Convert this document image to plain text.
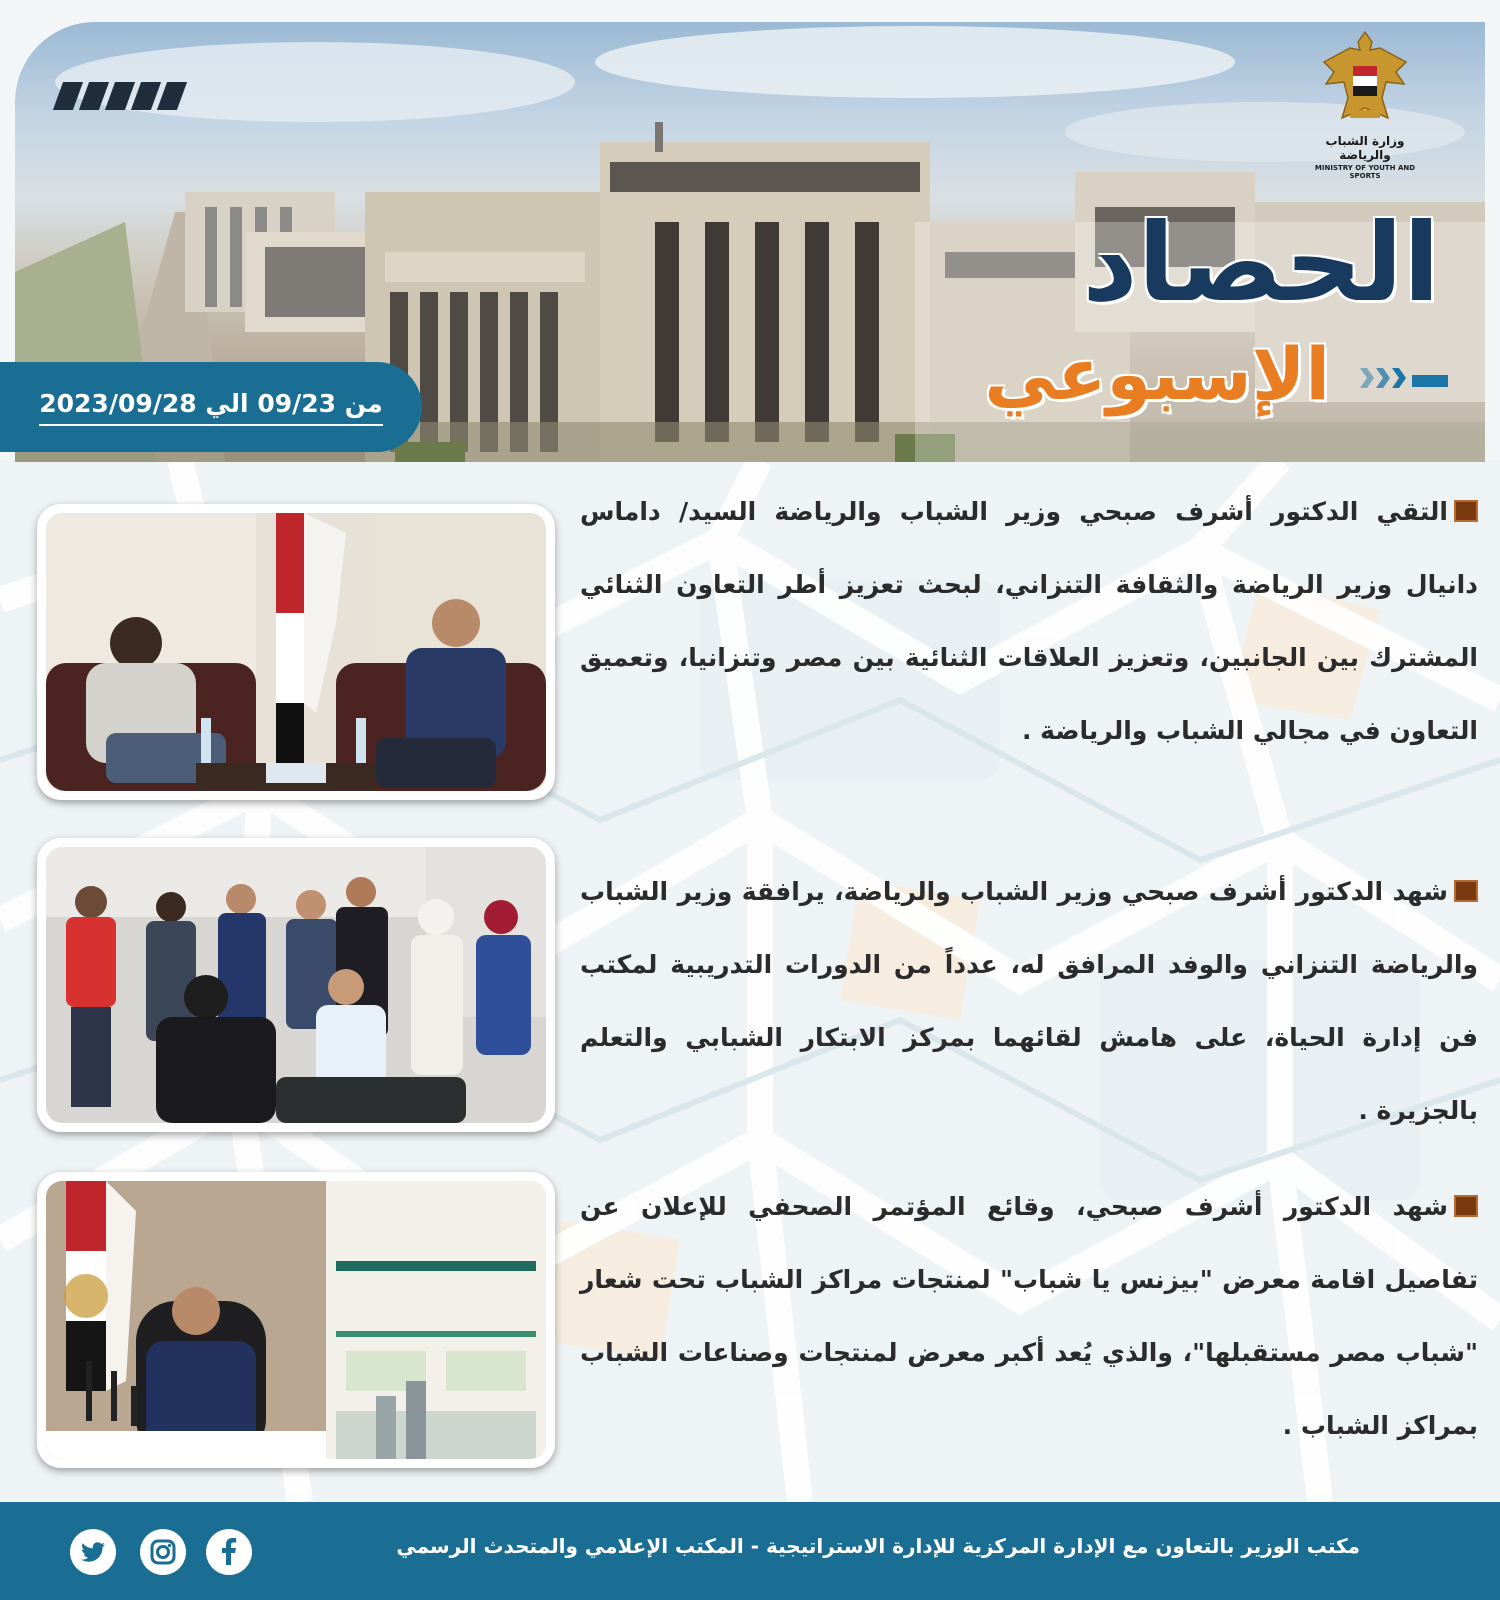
وزارة الشباب والرياضة
MINISTRY OF YOUTH AND SPORTS
الحصاد
الإسبوعي
من 09/23 الي 2023/09/28
التقي الدكتور أشرف صبحي وزير الشباب والرياضة السيد/ داماس دانيال وزير الرياضة والثقافة التنزاني، لبحث تعزيز أطر التعاون الثنائي المشترك بين الجانبين، وتعزيز العلاقات الثنائية بين مصر وتنزانيا، وتعميق التعاون في مجالي الشباب والرياضة .
شهد الدكتور أشرف صبحي وزير الشباب والرياضة، يرافقة وزير الشباب والرياضة التنزاني والوفد المرافق له، عدداً من الدورات التدريبية لمكتب فن إدارة الحياة، على هامش لقائهما بمركز الابتكار الشبابي والتعلم بالجزيرة .
شهد الدكتور أشرف صبحي، وقائع المؤتمر الصحفي للإعلان عن تفاصيل اقامة معرض "بيزنس يا شباب" لمنتجات مراكز الشباب تحت شعار "شباب مصر مستقبلها"، والذي يُعد أكبر معرض لمنتجات وصناعات الشباب بمراكز الشباب .
مكتب الوزير بالتعاون مع الإدارة المركزية للإدارة الاستراتيجية - المكتب الإعلامي والمتحدث الرسمي
